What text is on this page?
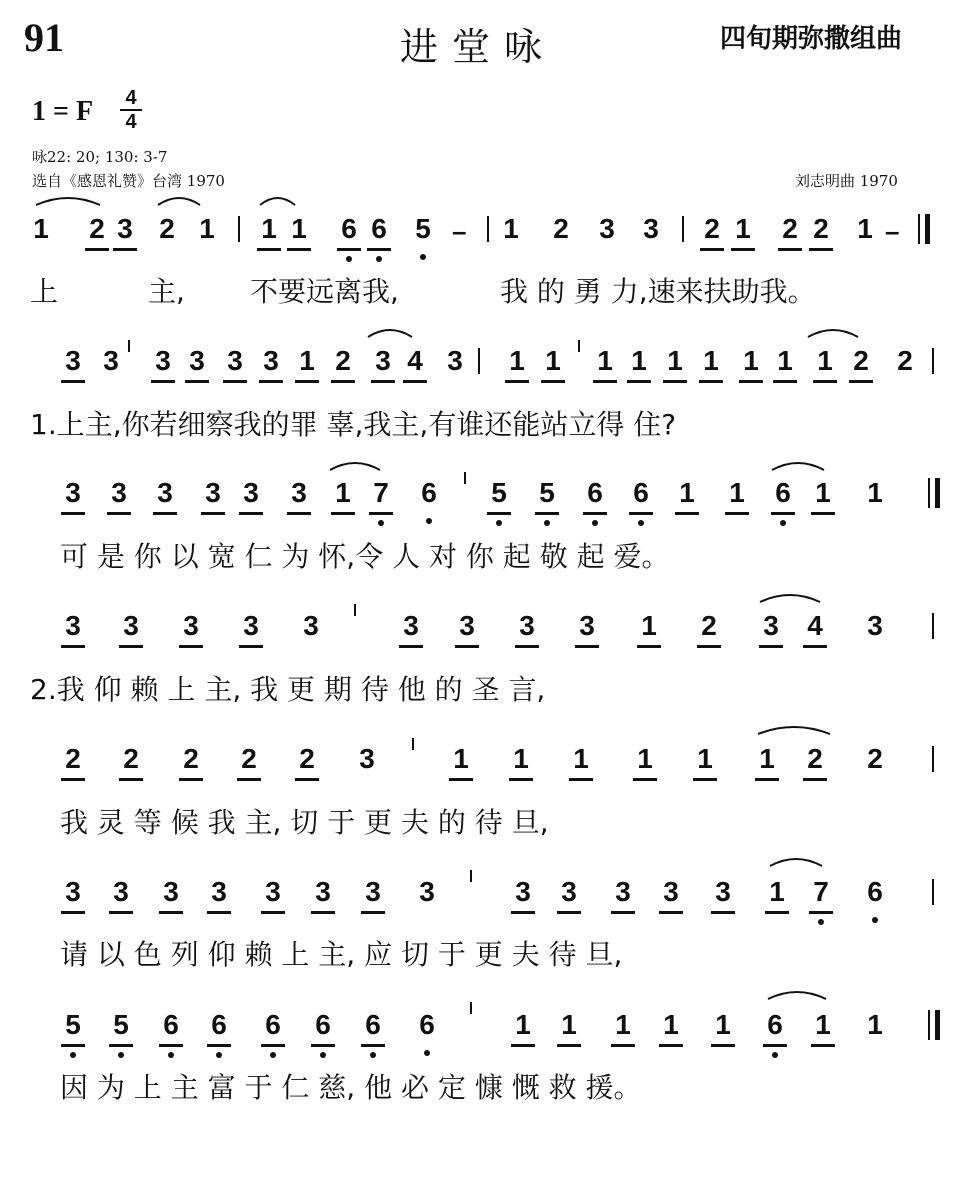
91	进堂咏	四旬期弥撒组曲
1 = F	4
4
咏22: 20; 130: 3-7
选自《感恩礼赞》台湾 1970	刘志明曲 1970
1 2 3 2 1 1 1 6 6 5 – 1 2 3 3 2 1 2 2 1 –
3 3 3 3 3 3 1 2 3 4 3 1 1 1 1 1 1 1 1 1 2 2
3 3 3 3 3 3 1 7 6 5 5 6 6 1 1 6 1 1
3 3 3 3 3	3 3 3 3 1 2 3 4 3
2 2 2 2 2 3	1 1 1 1 1 1 2 2
3 3 3 3 3 3 3 3	3 3 3 3 3 1 7 6
5 5 6 6 6 6 6 6	1 1 1 1 1 6 1 1
上	主, 不要远离我,	我 的 勇 力,速来扶助我。
1.上主,你若细察我的罪 辜,我主,有谁还能站立得 住?
可 是 你 以 宽 仁 为 怀,令 人 对 你 起 敬 起 爱。
2.我 仰 赖 上 主, 我 更 期 待 他 的 圣 言,
我 灵 等 候 我 主, 切 于 更 夫 的 待 旦,
请 以 色 列 仰 赖 上 主, 应 切 于 更 夫 待 旦,
因 为 上 主 富 于 仁 慈, 他 必 定 慷 慨 救 援。
